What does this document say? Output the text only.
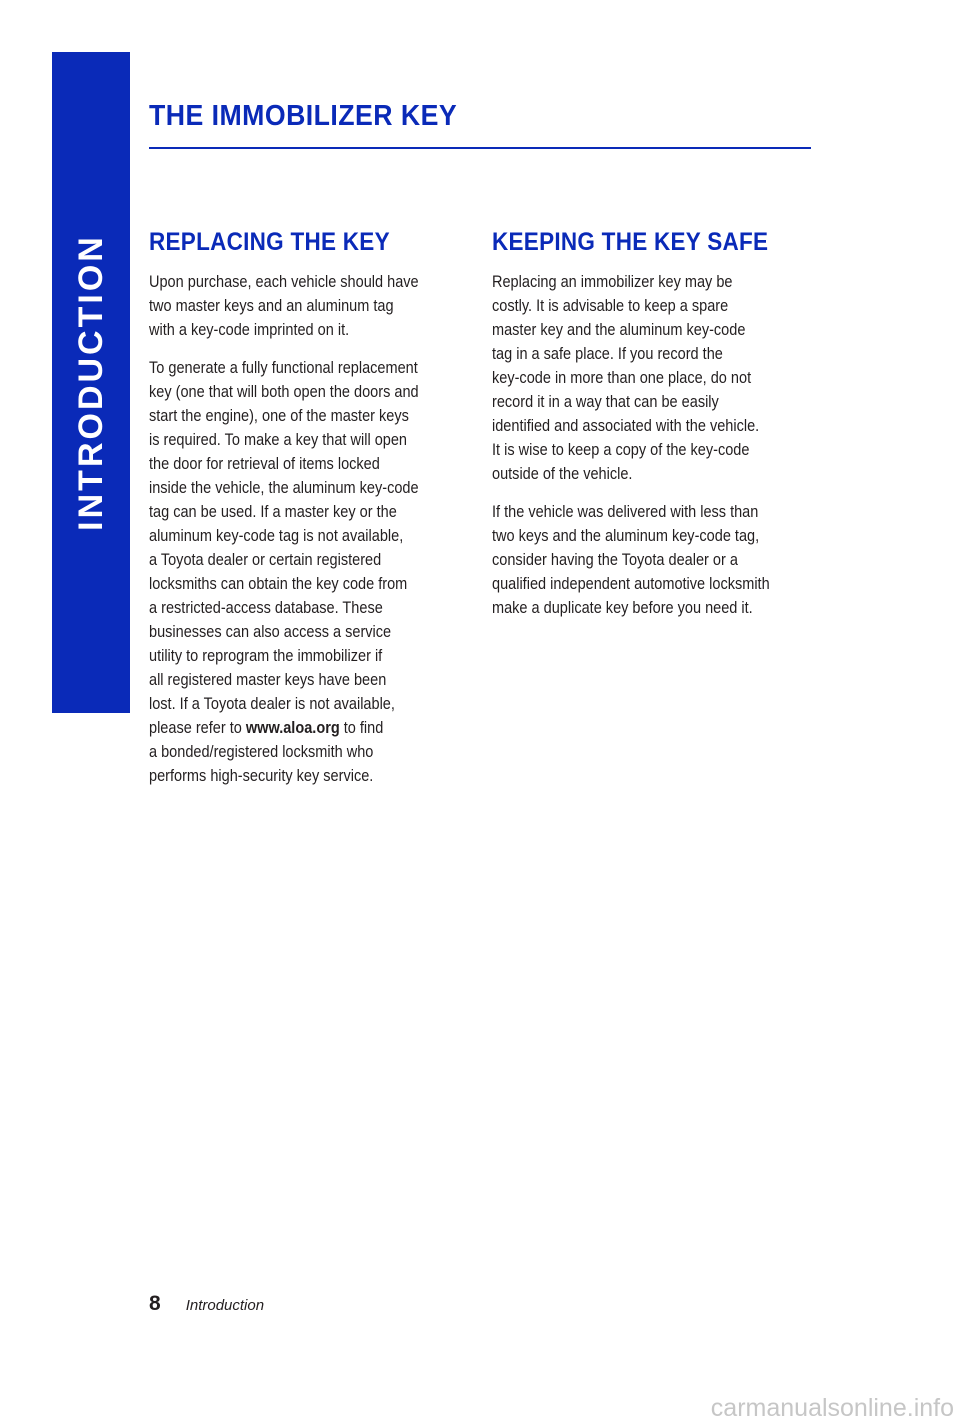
INTRODUCTION
THE IMMOBILIZER KEY
REPLACING THE KEY

Upon purchase, each vehicle should have
two master keys and an aluminum tag
with a key-code imprinted on it.

To generate a fully functional replacement
key (one that will both open the doors and
start the engine), one of the master keys
is required. To make a key that will open
the door for retrieval of items locked
inside the vehicle, the aluminum key-code
tag can be used. If a master key or the
aluminum key-code tag is not available,
a Toyota dealer or certain registered
locksmiths can obtain the key code from
a restricted-access database. These
businesses can also access a service
utility to reprogram the immobilizer if
all registered master keys have been
lost. If a Toyota dealer is not available,
please refer to www.aloa.org to find
a bonded/registered locksmith who
performs high-security key service.

KEEPING THE KEY SAFE

Replacing an immobilizer key may be
costly. It is advisable to keep a spare
master key and the aluminum key-code
tag in a safe place. If you record the
key-code in more than one place, do not
record it in a way that can be easily
identified and associated with the vehicle.
It is wise to keep a copy of the key-code
outside of the vehicle.

If the vehicle was delivered with less than
two keys and the aluminum key-code tag,
consider having the Toyota dealer or a
qualified independent automotive locksmith
make a duplicate key before you need it.

8 Introduction
carmanualsonline.info
